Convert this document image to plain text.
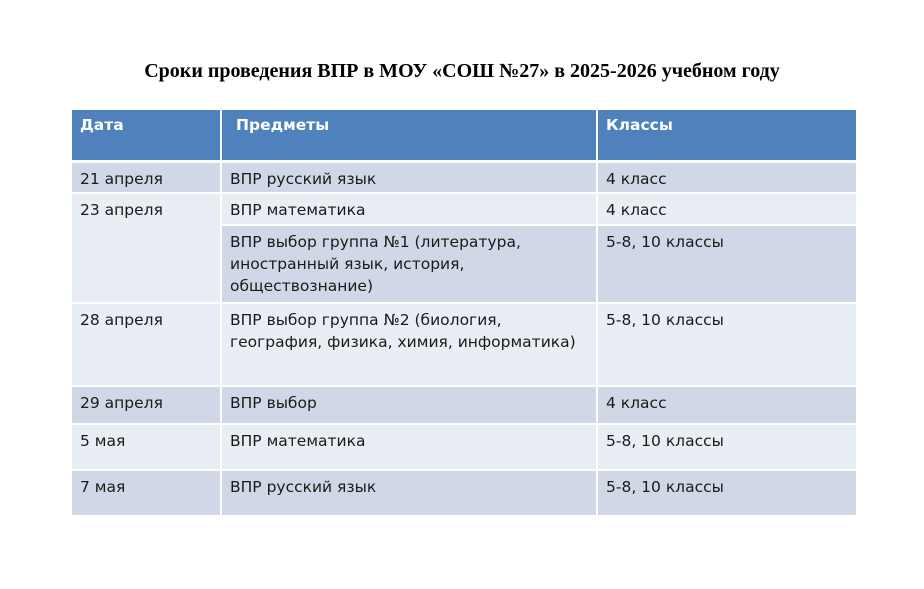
Сроки проведения ВПР в МОУ «СОШ №27» в 2025-2026 учебном году
Дата	Предметы	Классы
21 апреля	ВПР русский язык	4 класс
23 апреля	ВПР математика	4 класс
	ВПР выбор группа №1 (литература, иностранный язык, история, обществознание)	5-8, 10 классы
28 апреля	ВПР выбор группа №2 (биология, география, физика, химия, информатика)	5-8, 10 классы
29 апреля	ВПР выбор	4 класс
5 мая	ВПР математика	5-8, 10 классы
7 мая	ВПР русский язык	5-8, 10 классы
